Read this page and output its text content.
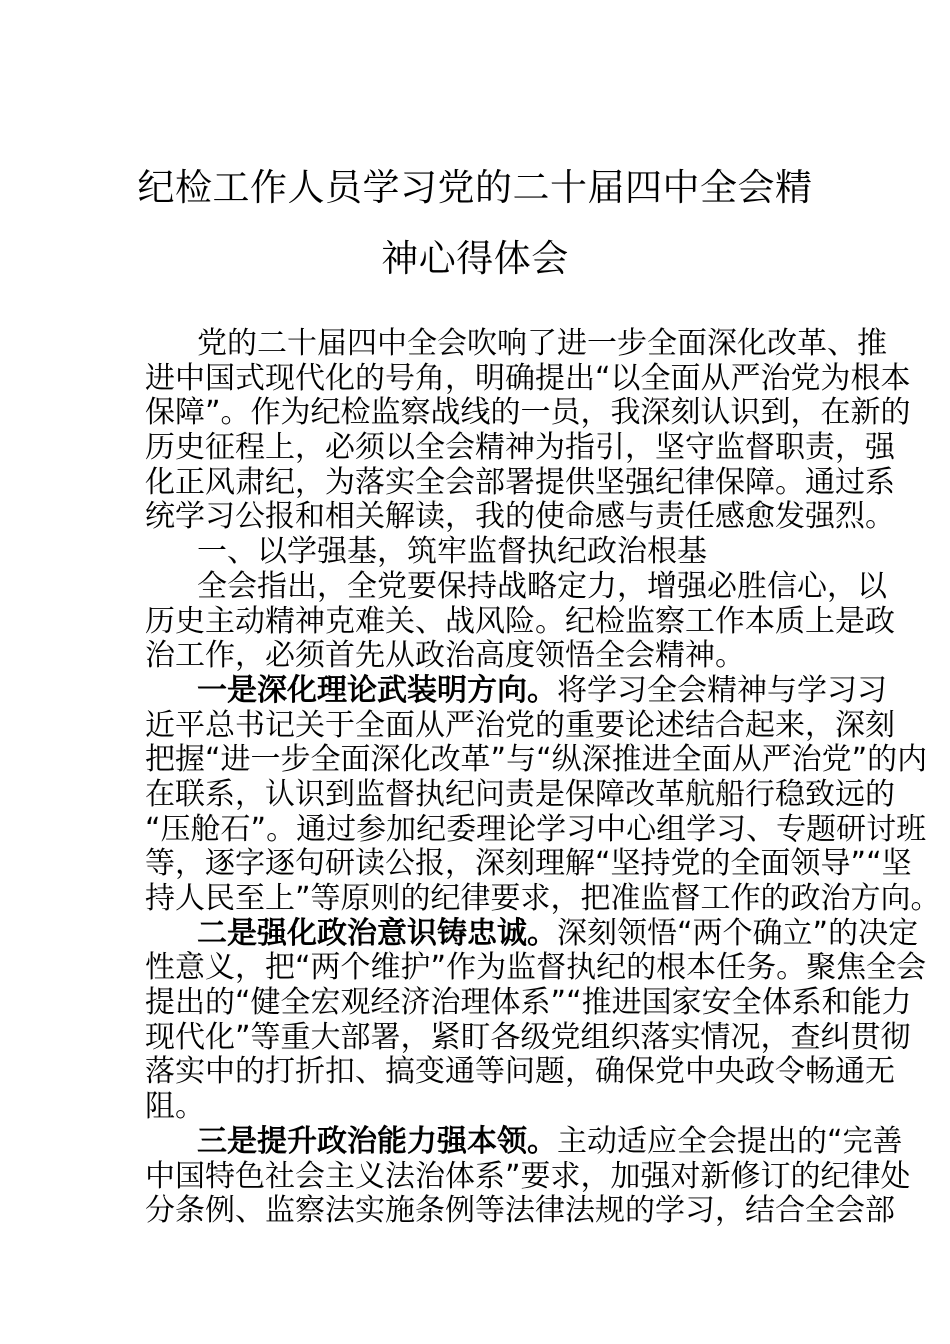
纪检工作人员学习党的二十届四中全会精
神心得体会
党的二十届四中全会吹响了进一步全面深化改革、推
进中国式现代化的号角，明确提出“以全面从严治党为根本
保障”。作为纪检监察战线的一员，我深刻认识到，在新的
历史征程上，必须以全会精神为指引，坚守监督职责，强
化正风肃纪，为落实全会部署提供坚强纪律保障。通过系
统学习公报和相关解读，我的使命感与责任感愈发强烈。
一、以学强基，筑牢监督执纪政治根基
全会指出，全党要保持战略定力，增强必胜信心，以
历史主动精神克难关、战风险。纪检监察工作本质上是政
治工作，必须首先从政治高度领悟全会精神。
一是深化理论武装明方向。将学习全会精神与学习习
近平总书记关于全面从严治党的重要论述结合起来，深刻
把握“进一步全面深化改革”与“纵深推进全面从严治党”的内
在联系，认识到监督执纪问责是保障改革航船行稳致远的
“压舱石”。通过参加纪委理论学习中心组学习、专题研讨班
等，逐字逐句研读公报，深刻理解“坚持党的全面领导”“坚
持人民至上”等原则的纪律要求，把准监督工作的政治方向。
二是强化政治意识铸忠诚。深刻领悟“两个确立”的决定
性意义，把“两个维护”作为监督执纪的根本任务。聚焦全会
提出的“健全宏观经济治理体系”“推进国家安全体系和能力
现代化”等重大部署，紧盯各级党组织落实情况，查纠贯彻
落实中的打折扣、搞变通等问题，确保党中央政令畅通无
阻。
三是提升政治能力强本领。主动适应全会提出的“完善
中国特色社会主义法治体系”要求，加强对新修订的纪律处
分条例、监察法实施条例等法律法规的学习，结合全会部
